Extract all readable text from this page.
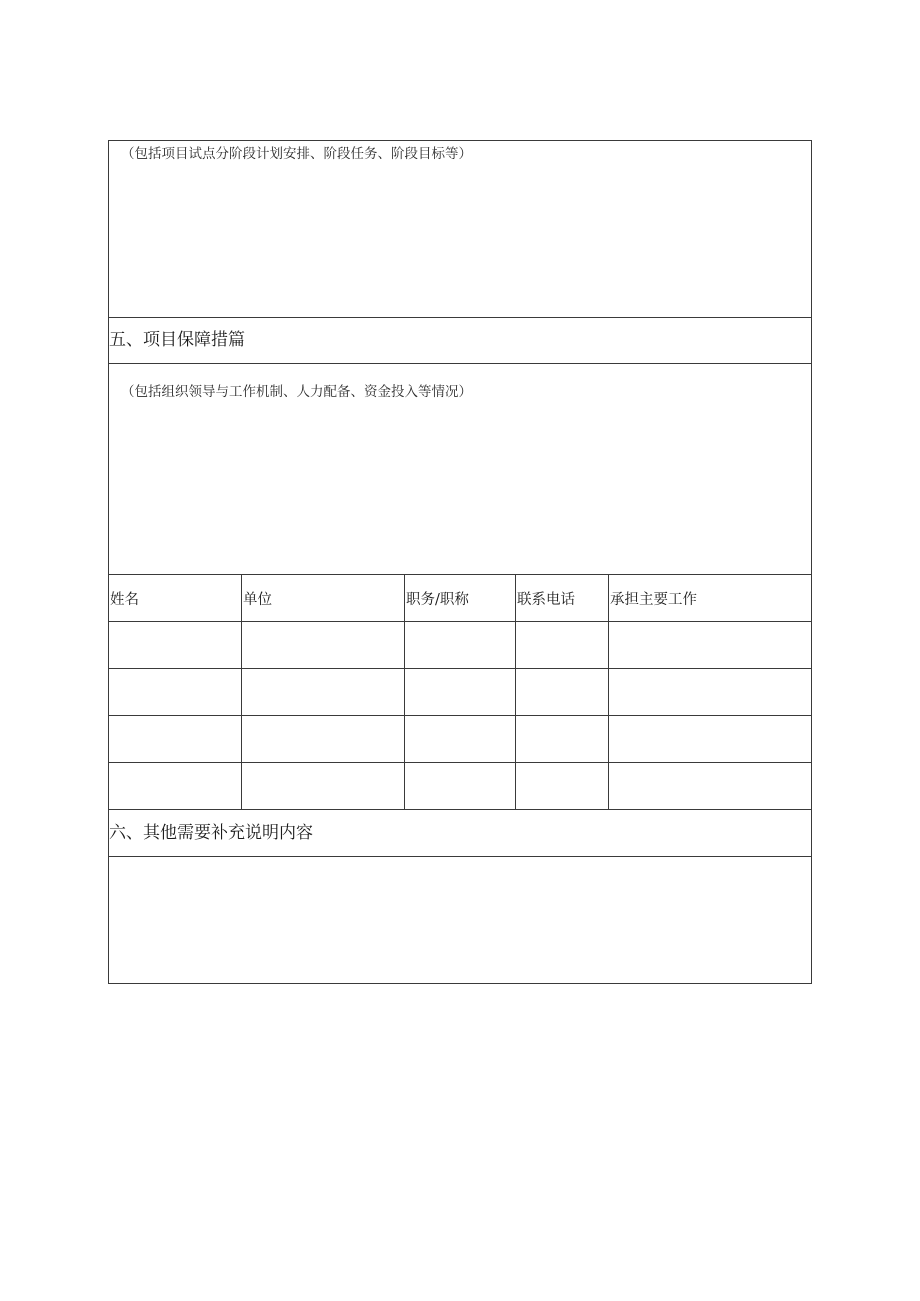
（包括项目试点分阶段计划安排、阶段任务、阶段目标等）				

五、项目保障措篇				

（包括组织领导与工作机制、人力配备、资金投入等情况）				

姓名	单位	职务/职称	联系电话	承担主要工作

六、其他需要补充说明内容				
